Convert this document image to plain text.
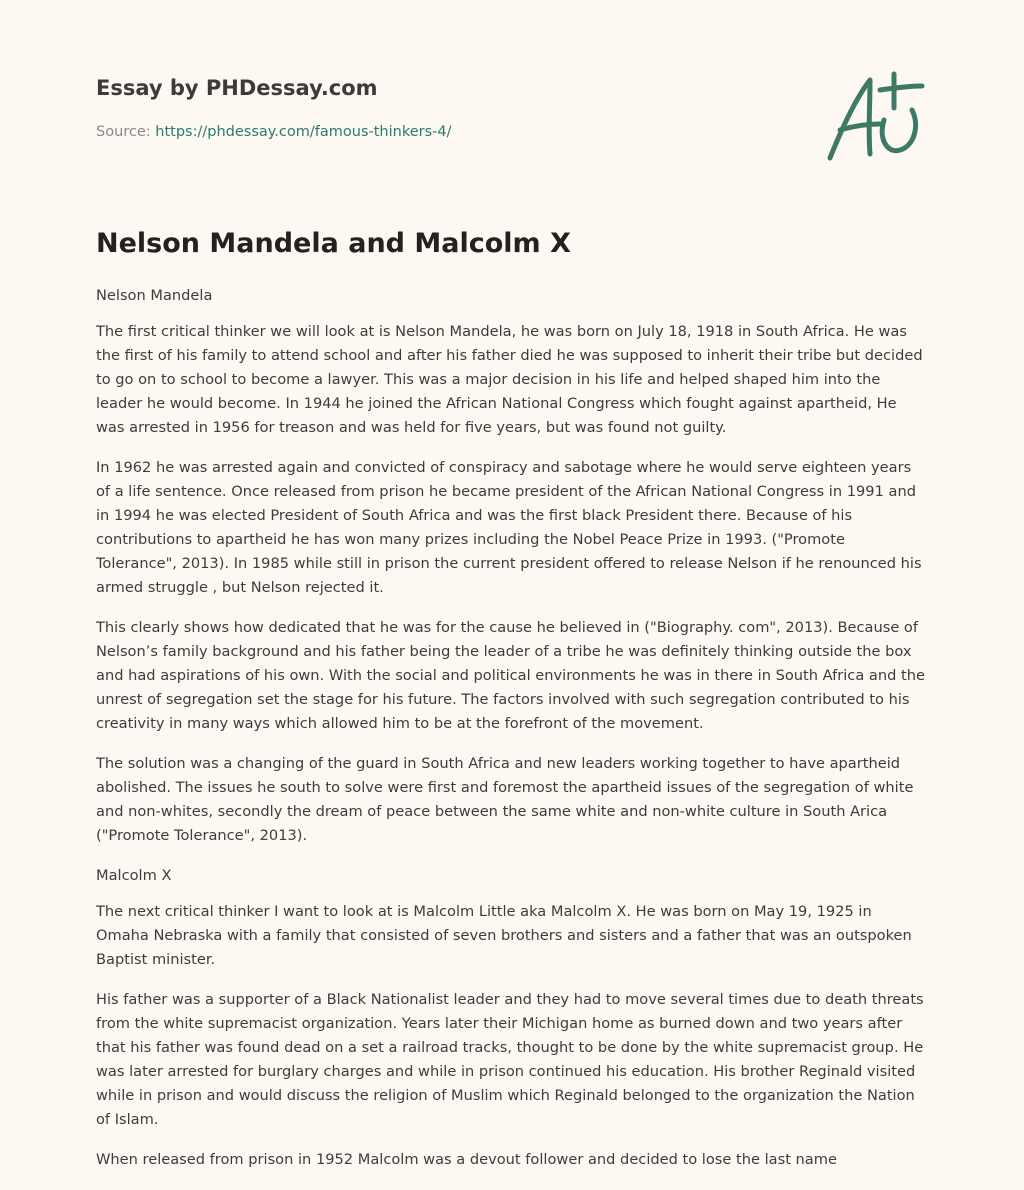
Essay by PHDessay.com
Source: https://phdessay.com/famous-thinkers-4/
Nelson Mandela and Malcolm X

Nelson Mandela

The first critical thinker we will look at is Nelson Mandela, he was born on July 18, 1918 in South Africa. He was the first of his family to attend school and after his father died he was supposed to inherit their tribe but decided to go on to school to become a lawyer. This was a major decision in his life and helped shaped him into the leader he would become. In 1944 he joined the African National Congress which fought against apartheid, He was arrested in 1956 for treason and was held for five years, but was found not guilty.

In 1962 he was arrested again and convicted of conspiracy and sabotage where he would serve eighteen years of a life sentence. Once released from prison he became president of the African National Congress in 1991 and in 1994 he was elected President of South Africa and was the first black President there. Because of his contributions to apartheid he has won many prizes including the Nobel Peace Prize in 1993. ("Promote Tolerance", 2013). In 1985 while still in prison the current president offered to release Nelson if he renounced his armed struggle , but Nelson rejected it.

This clearly shows how dedicated that he was for the cause he believed in ("Biography. com", 2013). Because of Nelson’s family background and his father being the leader of a tribe he was definitely thinking outside the box and had aspirations of his own. With the social and political environments he was in there in South Africa and the unrest of segregation set the stage for his future. The factors involved with such segregation contributed to his creativity in many ways which allowed him to be at the forefront of the movement.

The solution was a changing of the guard in South Africa and new leaders working together to have apartheid abolished. The issues he south to solve were first and foremost the apartheid issues of the segregation of white and non-whites, secondly the dream of peace between the same white and non-white culture in South Arica ("Promote Tolerance", 2013).

Malcolm X

The next critical thinker I want to look at is Malcolm Little aka Malcolm X. He was born on May 19, 1925 in Omaha Nebraska with a family that consisted of seven brothers and sisters and a father that was an outspoken Baptist minister.

His father was a supporter of a Black Nationalist leader and they had to move several times due to death threats from the white supremacist organization. Years later their Michigan home as burned down and two years after that his father was found dead on a set a railroad tracks, thought to be done by the white supremacist group. He was later arrested for burglary charges and while in prison continued his education. His brother Reginald visited while in prison and would discuss the religion of Muslim which Reginald belonged to the organization the Nation of Islam.

When released from prison in 1952 Malcolm was a devout follower and decided to lose the last name
